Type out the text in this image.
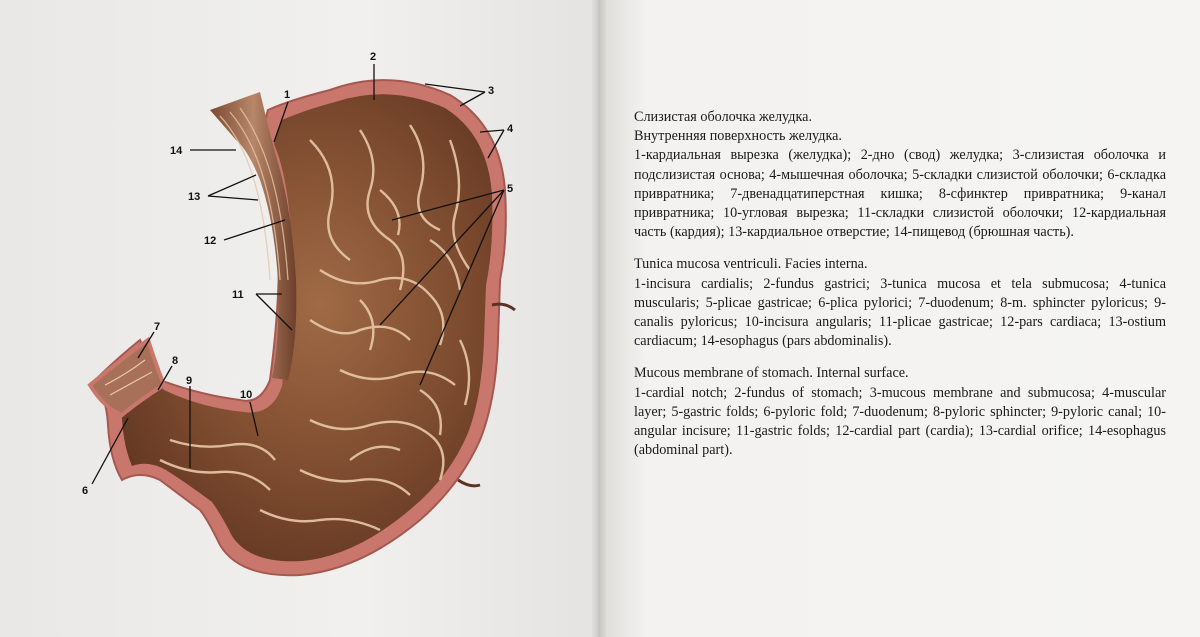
1
2
3
4
5
6
7
8
9
10
11
12
13
14

Слизистая оболочка желудка.

Внутренняя поверхность желудка.

1-кардиальная вырезка (желудка); 2-дно (свод) желудка; 3-слизистая оболочка и подслизистая основа; 4-мышечная оболочка; 5-складки слизистой оболочки; 6-складка привратника; 7-двенадцатиперстная кишка; 8-сфинктер привратника; 9-канал привратника; 10-угловая вырезка; 11-складки слизистой оболочки; 12-кардиальная часть (кардия); 13-кардиальное отверстие; 14-пищевод (брюшная часть).

Tunica mucosa ventriculi. Facies interna.

1-incisura cardialis; 2-fundus gastrici; 3-tunica mucosa et tela submucosa; 4-tunica muscularis; 5-plicae gastricae; 6-plica pylorici; 7-duodenum; 8-m. sphincter pyloricus; 9-canalis pyloricus; 10-incisura angularis; 11-plicae gastricae; 12-pars cardiaca; 13-ostium cardiacum; 14-esophagus (pars abdominalis).

Mucous membrane of stomach. Internal surface.

1-cardial notch; 2-fundus of stomach; 3-mucous membrane and submucosa; 4-muscular layer; 5-gastric folds; 6-pyloric fold; 7-duodenum; 8-pyloric sphincter; 9-pyloric canal; 10-angular incisure; 11-gastric folds; 12-cardial part (cardia); 13-cardial orifice; 14-esophagus (abdominal part).
